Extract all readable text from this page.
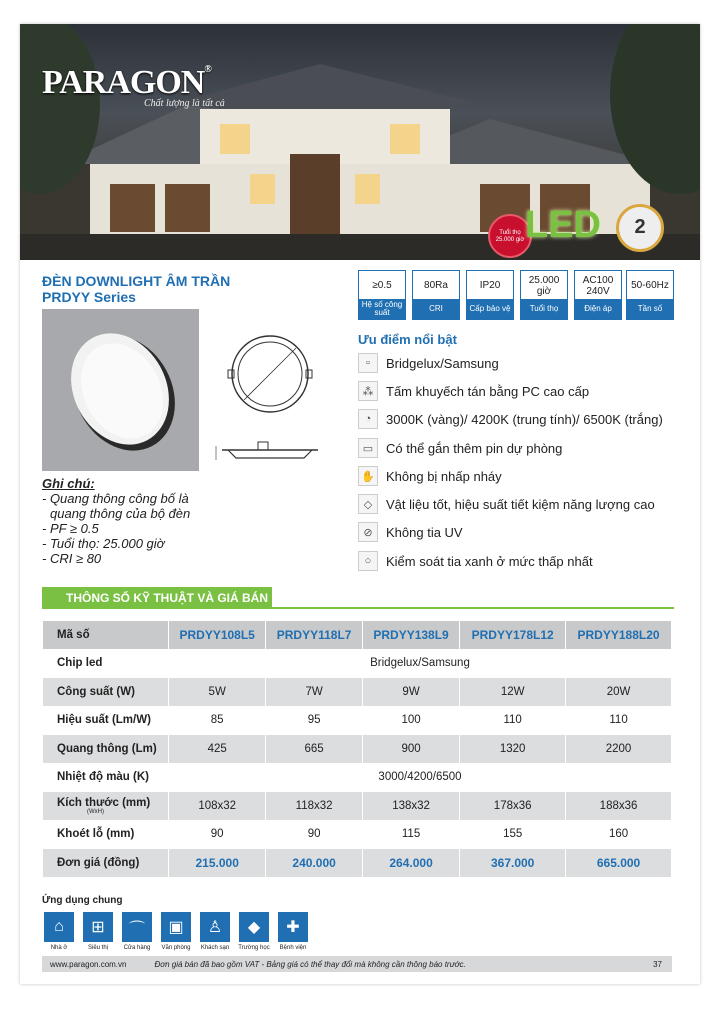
PARAGON®
Chất lượng là tất cả
Tuổi thọ 25.000 giờ LED	2
ĐÈN DOWNLIGHT ÂM TRẦN
PRDYY Series
≥0.5
Hệ số công suất
80Ra
CRI
IP20
Cấp bảo vệ
25.000 giờ
Tuổi thọ
AC100 240V
Điện áp
50-60Hz
Tần số
Ghi chú:
- Quang thông công bố là
quang thông của bộ đèn
- PF ≥ 0.5
- Tuổi thọ: 25.000 giờ
- CRI ≥ 80
Ưu điểm nổi bật
▫	Bridgelux/Samsung
⁂ Tấm khuyếch tán bằng PC cao cấp
◔	3000K (vàng)/ 4200K (trung tính)/ 6500K (trắng)
▭ Có thể gắn thêm pin dự phòng
✋ Không bị nhấp nháy
◇	Vật liệu tốt, hiệu suất tiết kiệm năng lượng cao
⊘	Không tia UV
○	Kiểm soát tia xanh ở mức thấp nhất
THÔNG SỐ KỸ THUẬT VÀ GIÁ BÁN
Mã số	PRDYY108L5	PRDYY118L7	PRDYY138L9	PRDYY178L12	PRDYY188L20
Chip led	Bridgelux/Samsung				
Công suất (W)	5W	7W	9W	12W	20W
Hiệu suất (Lm/W)	85	95	100	110	110
Quang thông (Lm)	425	665	900	1320	2200
Nhiệt độ màu (K)	3000/4200/6500				
Kích thước (mm)
(WxH)	108x32	118x32	138x32	178x36	188x36
Khoét lỗ (mm)	90	90	115	155	160
Đơn giá (đồng)	215.000	240.000	264.000	367.000	665.000
Ứng dụng chung
⌂
Nhà ở
⊞
Siêu thị
⌒
Cửa hàng
▣
Văn phòng
♙
Khách sạn
◆
Trường học
✚
Bệnh viện
www.paragon.com.vn	Đơn giá bán đã bao gồm VAT - Bảng giá có thể thay đổi mà không cần thông báo trước.	37
